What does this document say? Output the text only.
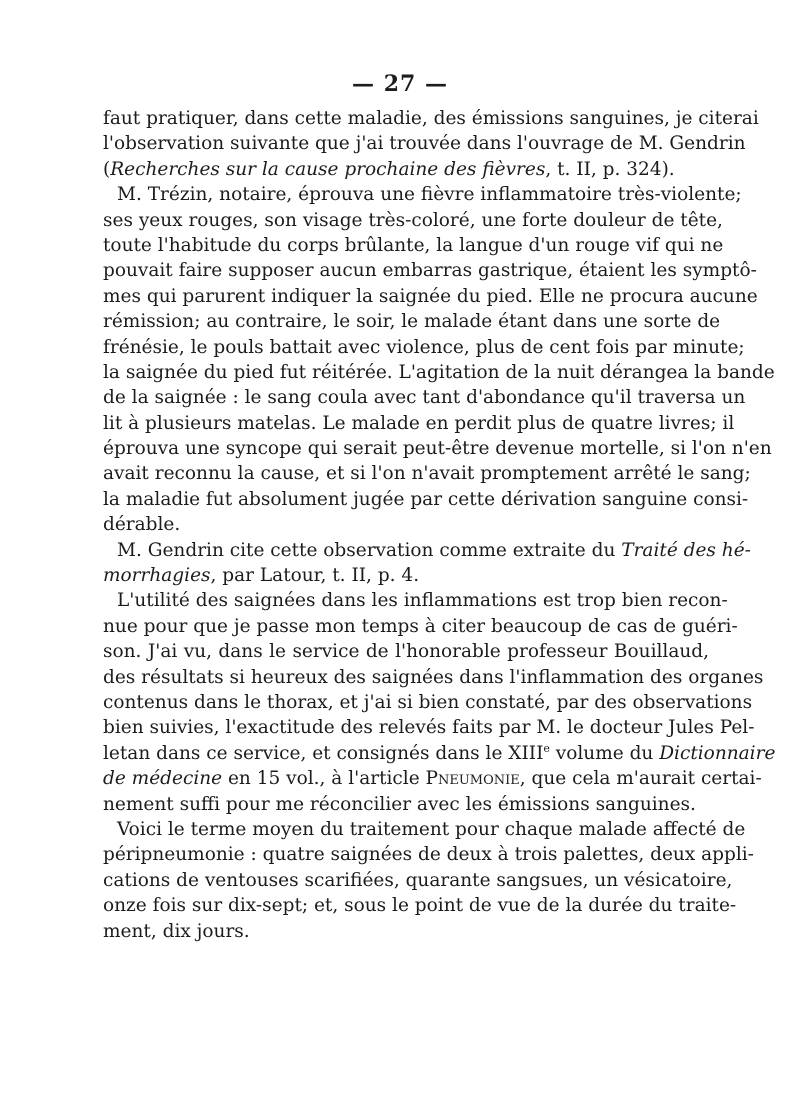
— 27 —
faut pratiquer, dans cette maladie, des émissions sanguines, je citerai
l'observation suivante que j'ai trouvée dans l'ouvrage de M. Gendrin
(Recherches sur la cause prochaine des fièvres, t. II, p. 324).
M. Trézin, notaire, éprouva une fièvre inflammatoire très-violente;
ses yeux rouges, son visage très-coloré, une forte douleur de tête,
toute l'habitude du corps brûlante, la langue d'un rouge vif qui ne
pouvait faire supposer aucun embarras gastrique, étaient les symptô-
mes qui parurent indiquer la saignée du pied. Elle ne procura aucune
rémission; au contraire, le soir, le malade étant dans une sorte de
frénésie, le pouls battait avec violence, plus de cent fois par minute;
la saignée du pied fut réitérée. L'agitation de la nuit dérangea la bande
de la saignée : le sang coula avec tant d'abondance qu'il traversa un
lit à plusieurs matelas. Le malade en perdit plus de quatre livres; il
éprouva une syncope qui serait peut-être devenue mortelle, si l'on n'en
avait reconnu la cause, et si l'on n'avait promptement arrêté le sang;
la maladie fut absolument jugée par cette dérivation sanguine consi-
dérable.
M. Gendrin cite cette observation comme extraite du Traité des hé-
morrhagies, par Latour, t. II, p. 4.
L'utilité des saignées dans les inflammations est trop bien recon-
nue pour que je passe mon temps à citer beaucoup de cas de guéri-
son. J'ai vu, dans le service de l'honorable professeur Bouillaud,
des résultats si heureux des saignées dans l'inflammation des organes
contenus dans le thorax, et j'ai si bien constaté, par des observations
bien suivies, l'exactitude des relevés faits par M. le docteur Jules Pel-
letan dans ce service, et consignés dans le XIIIe volume du Dictionnaire
de médecine en 15 vol., à l'article Pneumonie, que cela m'aurait certai-
nement suffi pour me réconcilier avec les émissions sanguines.
Voici le terme moyen du traitement pour chaque malade affecté de
péripneumonie : quatre saignées de deux à trois palettes, deux appli-
cations de ventouses scarifiées, quarante sangsues, un vésicatoire,
onze fois sur dix-sept; et, sous le point de vue de la durée du traite-
ment, dix jours.
